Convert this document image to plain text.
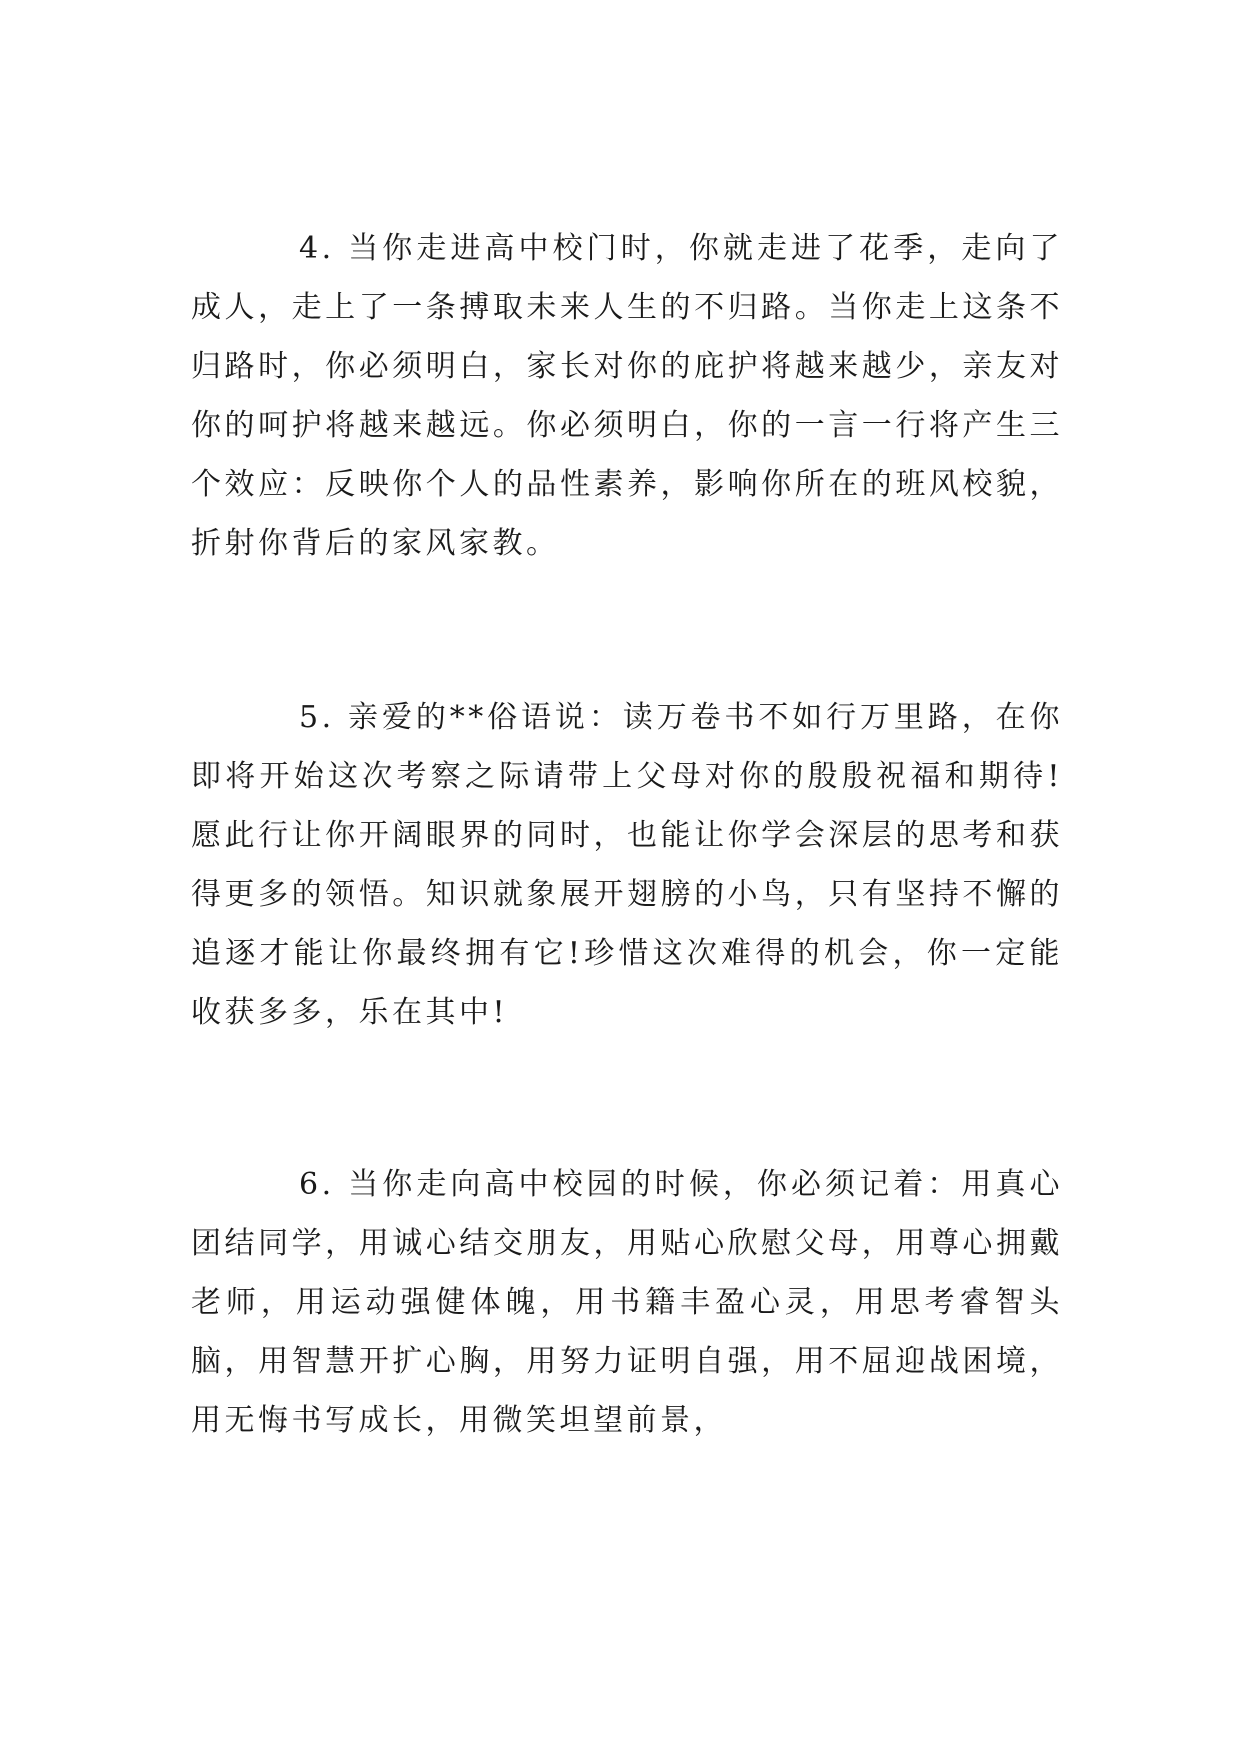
4. 当你走进高中校门时，你就走进了花季，走向了成人，走上了一条搏取未来人生的不归路。当你走上这条不归路时，你必须明白，家长对你的庇护将越来越少，亲友对你的呵护将越来越远。你必须明白，你的一言一行将产生三个效应：反映你个人的品性素养，影响你所在的班风校貌，折射你背后的家风家教。

5. 亲爱的**俗语说：读万卷书不如行万里路，在你即将开始这次考察之际请带上父母对你的殷殷祝福和期待!愿此行让你开阔眼界的同时，也能让你学会深层的思考和获得更多的领悟。知识就象展开翅膀的小鸟，只有坚持不懈的追逐才能让你最终拥有它!珍惜这次难得的机会，你一定能收获多多，乐在其中!

6. 当你走向高中校园的时候，你必须记着：用真心团结同学，用诚心结交朋友，用贴心欣慰父母，用尊心拥戴老师，用运动强健体魄，用书籍丰盈心灵，用思考睿智头脑，用智慧开扩心胸，用努力证明自强，用不屈迎战困境，用无悔书写成长，用微笑坦望前景，
